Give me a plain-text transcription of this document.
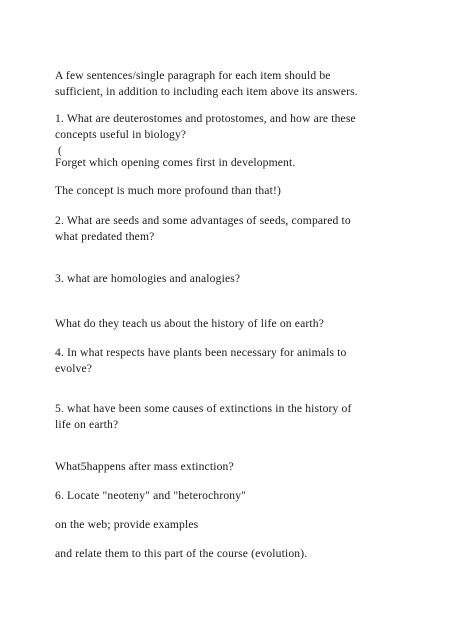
A few sentences/single paragraph for each item should be

sufficient, in addition to including each item above its answers.

1. What are deuterostomes and protostomes, and how are these

concepts useful in biology?

(

Forget which opening comes first in development.

The concept is much more profound than that!)

2. What are seeds and some advantages of seeds, compared to

what predated them?

3. what are homologies and analogies?

What do they teach us about the history of life on earth?

4. In what respects have plants been necessary for animals to

evolve?

5. what have been some causes of extinctions in the history of

life on earth?

What5happens after mass extinction?

6. Locate "neoteny" and "heterochrony"

on the web; provide examples

and relate them to this part of the course (evolution).
